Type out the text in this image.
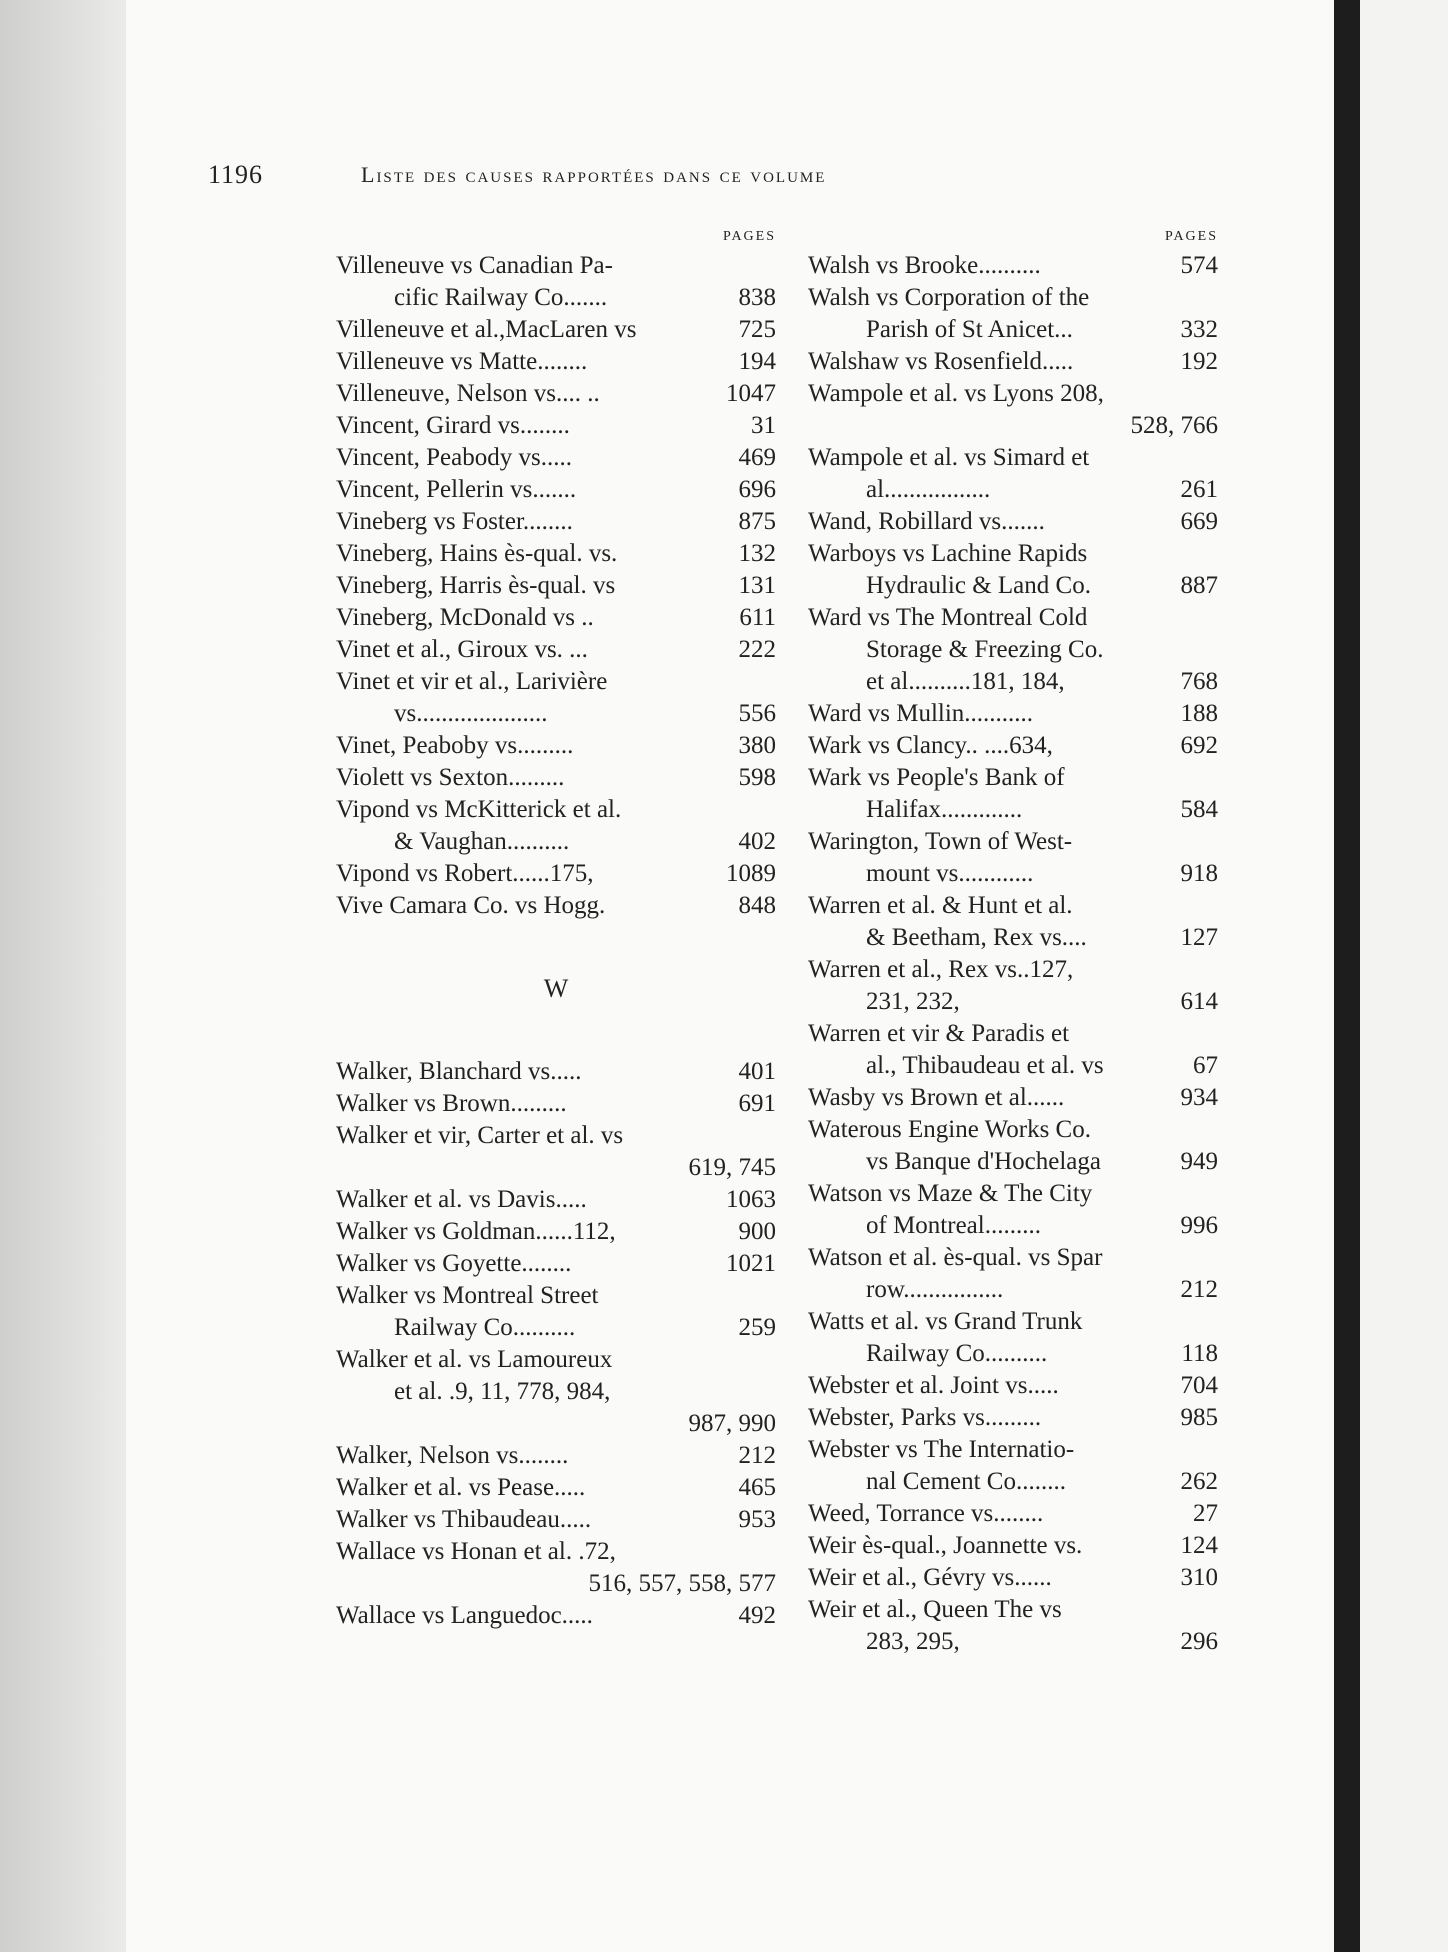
1196	Liste des causes rapportées dans ce volume
PAGES
Villeneuve vs Canadian Pa-
cific Railway Co.......	838
Villeneuve et al.,MacLaren vs	725
Villeneuve vs Matte........	194
Villeneuve, Nelson vs.... ..	1047
Vincent, Girard vs........	31
Vincent, Peabody vs.....	469
Vincent, Pellerin vs.......	696
Vineberg vs Foster........	875
Vineberg, Hains ès-qual. vs.	132
Vineberg, Harris ès-qual. vs	131
Vineberg, McDonald vs ..	611
Vinet et al., Giroux vs. ...	222
Vinet et vir et al., Larivière
vs.....................	556
Vinet, Peaboby vs.........	380
Violett vs Sexton.........	598
Vipond vs McKitterick et al.
& Vaughan..........	402
Vipond vs Robert......175,	1089
Vive Camara Co. vs Hogg.	848
W
Walker, Blanchard vs.....	401
Walker vs Brown.........	691
Walker et vir, Carter et al. vs
619, 745
Walker et al. vs Davis.....	1063
Walker vs Goldman......112,	900
Walker vs Goyette........	1021
Walker vs Montreal Street
Railway Co..........	259
Walker et al. vs Lamoureux
et al. .9, 11, 778, 984,
987, 990
Walker, Nelson vs........	212
Walker et al. vs Pease.....	465
Walker vs Thibaudeau.....	953
Wallace vs Honan et al. .72,
516, 557, 558, 577
Wallace vs Languedoc.....	492
PAGES
Walsh vs Brooke..........	574
Walsh vs Corporation of the
Parish of St Anicet...	332
Walshaw vs Rosenfield.....	192
Wampole et al. vs Lyons 208,
528, 766
Wampole et al. vs Simard et
al.................	261
Wand, Robillard vs.......	669
Warboys vs Lachine Rapids
Hydraulic & Land Co.	887
Ward vs The Montreal Cold
Storage & Freezing Co.
et al..........181, 184,	768
Ward vs Mullin...........	188
Wark vs Clancy.. ....634,	692
Wark vs People's Bank of
Halifax.............	584
Warington, Town of West-
mount vs............	918
Warren et al. & Hunt et al.
& Beetham, Rex vs....	127
Warren et al., Rex vs..127,
231, 232,	614
Warren et vir & Paradis et
al., Thibaudeau et al. vs	67
Wasby vs Brown et al......	934
Waterous Engine Works Co.
vs Banque d'Hochelaga	949
Watson vs Maze & The City
of Montreal.........	996
Watson et al. ès-qual. vs Spar
row................	212
Watts et al. vs Grand Trunk
Railway Co..........	118
Webster et al. Joint vs.....	704
Webster, Parks vs.........	985
Webster vs The Internatio-
nal Cement Co........	262
Weed, Torrance vs........	27
Weir ès-qual., Joannette vs.	124
Weir et al., Gévry vs......	310
Weir et al., Queen The vs
283, 295,	296
